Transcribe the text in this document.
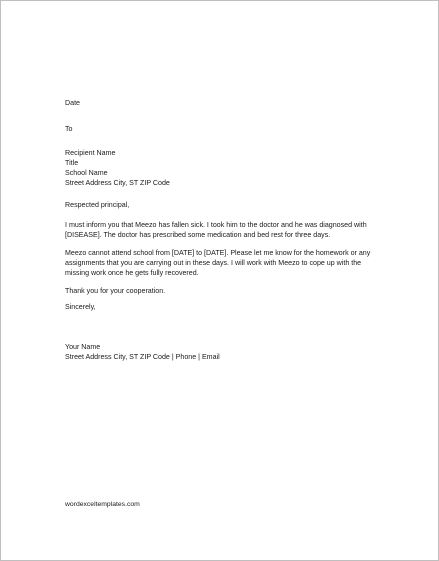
Date
To
Recipient Name
Title
School Name
Street Address City, ST ZIP Code
Respected principal,
I must inform you that Meezo has fallen sick. I took him to the doctor and he was diagnosed with [DISEASE]. The doctor has prescribed some medication and bed rest for three days.
Meezo cannot attend school from [DATE] to [DATE]. Please let me know for the homework or any assignments that you are carrying out in these days. I will work with Meezo to cope up with the missing work once he gets fully recovered.
Thank you for your cooperation.
Sincerely,
Your Name
Street Address City, ST ZIP Code | Phone | Email
wordexceltemplates.com
